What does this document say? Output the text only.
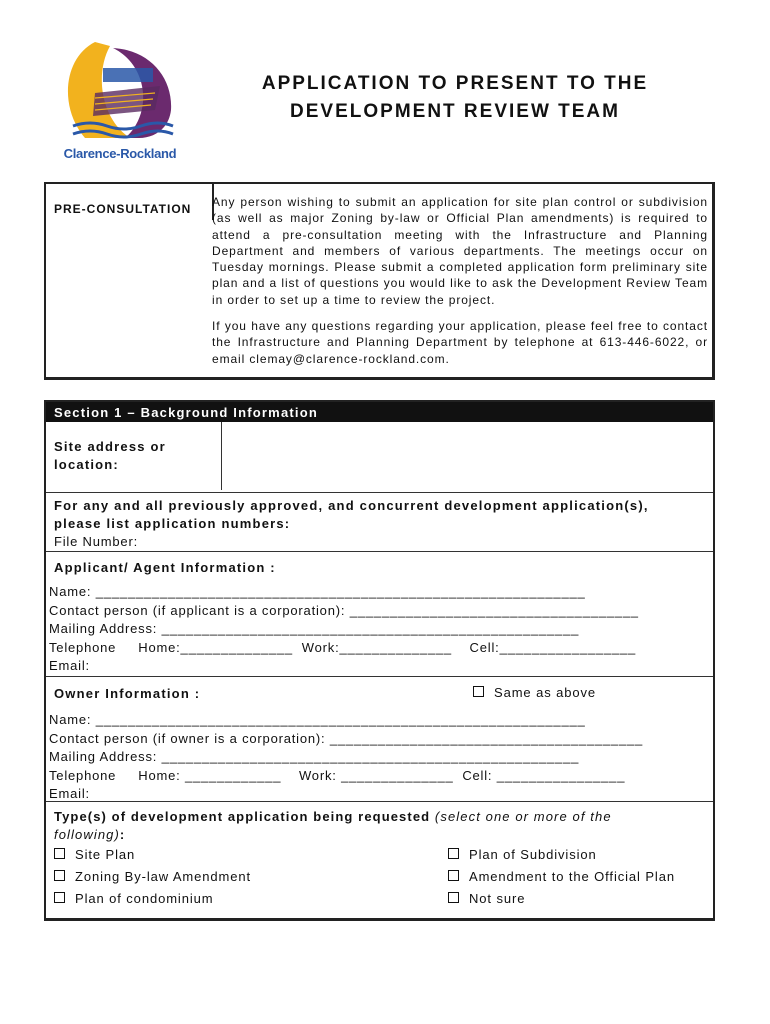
Clarence-Rockland
APPLICATION TO PRESENT TO THE
DEVELOPMENT REVIEW TEAM
PRE-CONSULTATION Any person wishing to submit an application for site plan control or subdivision (as well as major Zoning by-law or Official Plan amendments) is required to attend a pre-consultation meeting with the Infrastructure and Planning Department and members of various departments. The meetings occur on Tuesday mornings. Please submit a completed application form preliminary site plan and a list of questions you would like to ask the Development Review Team in order to set up a time to review the project.

If you have any questions regarding your application, please feel free to contact the Infrastructure and Planning Department by telephone at 613-446-6022, or email clemay@clarence-rockland.com.

Section 1 – Background Information
Site address or
location:
For any and all previously approved, and concurrent development application(s),
please list application numbers:
File Number:
Applicant/ Agent Information :
Name: _____________________________________________________________
Contact person (if applicant is a corporation): ____________________________________
Mailing Address: ____________________________________________________
Telephone     Home:______________  Work:______________    Cell:_________________
Email:
Owner Information :	Same as above
Name: _____________________________________________________________
Contact person (if owner is a corporation): _______________________________________
Mailing Address: ____________________________________________________
Telephone     Home: ____________    Work: ______________  Cell: ________________
Email:
Type(s) of development application being requested (select one or more of the
following):
Site Plan
Zoning By-law Amendment
Plan of condominium
Plan of Subdivision
Amendment to the Official Plan
Not sure
